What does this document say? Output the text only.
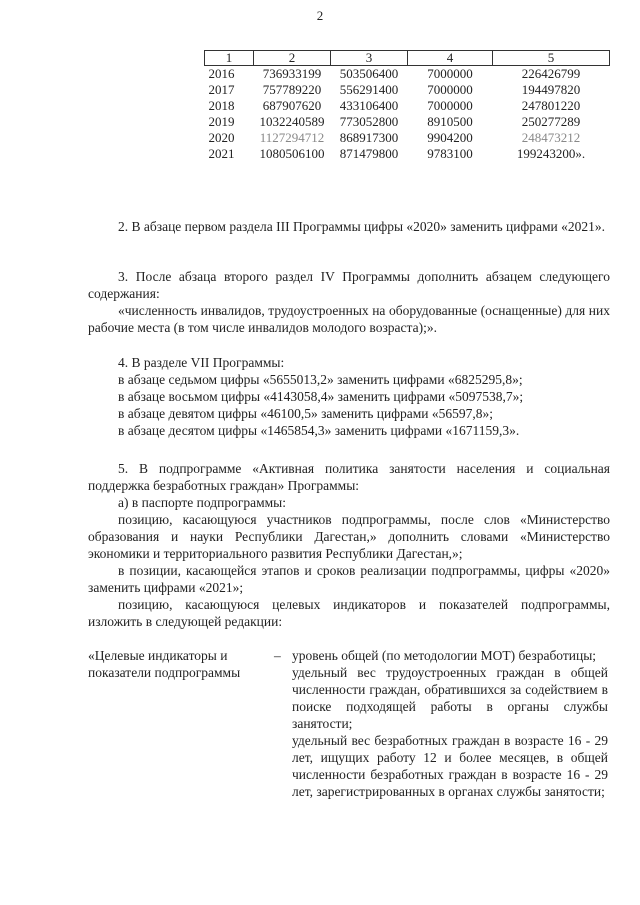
2
1	2	3	4	5
2016	736933199	503506400	7000000	226426799
2017	757789220	556291400	7000000	194497820
2018	687907620	433106400	7000000	247801220
2019	1032240589	773052800	8910500	250277289
2020	1127294712	868917300	9904200	248473212
2021	1080506100	871479800	9783100	199243200».

2. В абзаце первом раздела III Программы цифры «2020» заменить цифрами «2021».

3. После абзаца второго раздел IV Программы дополнить абзацем следующего содержания:

«численность инвалидов, трудоустроенных на оборудованные (оснащенные) для них рабочие места (в том числе инвалидов молодого возраста);».

4. В разделе VII Программы:

в абзаце седьмом цифры «5655013,2» заменить цифрами «6825295,8»;

в абзаце восьмом цифры «4143058,4» заменить цифрами «5097538,7»;

в абзаце девятом цифры «46100,5» заменить цифрами «56597,8»;

в абзаце десятом цифры «1465854,3» заменить цифрами «1671159,3».

5. В подпрограмме «Активная политика занятости населения и социальная поддержка безработных граждан» Программы:

а) в паспорте подпрограммы:

позицию, касающуюся участников подпрограммы, после слов «Министерство образования и науки Республики Дагестан,» дополнить словами «Министерство экономики и территориального развития Республики Дагестан,»;

в позиции, касающейся этапов и сроков реализации подпрограммы, цифры «2020» заменить цифрами «2021»;

позицию, касающуюся целевых индикаторов и показателей подпрограммы, изложить в следующей редакции:

«Целевые индикаторы и показатели подпрограммы
– уровень общей (по методологии МОТ) безработицы;

удельный вес трудоустроенных граждан в общей численности граждан, обратившихся за содействием в поиске подходящей работы в органы службы занятости;

удельный вес безработных граждан в возрасте 16 - 29 лет, ищущих работу 12 и более месяцев, в общей численности безработных граждан в возрасте 16 - 29 лет, зарегистрированных в органах службы занятости;
